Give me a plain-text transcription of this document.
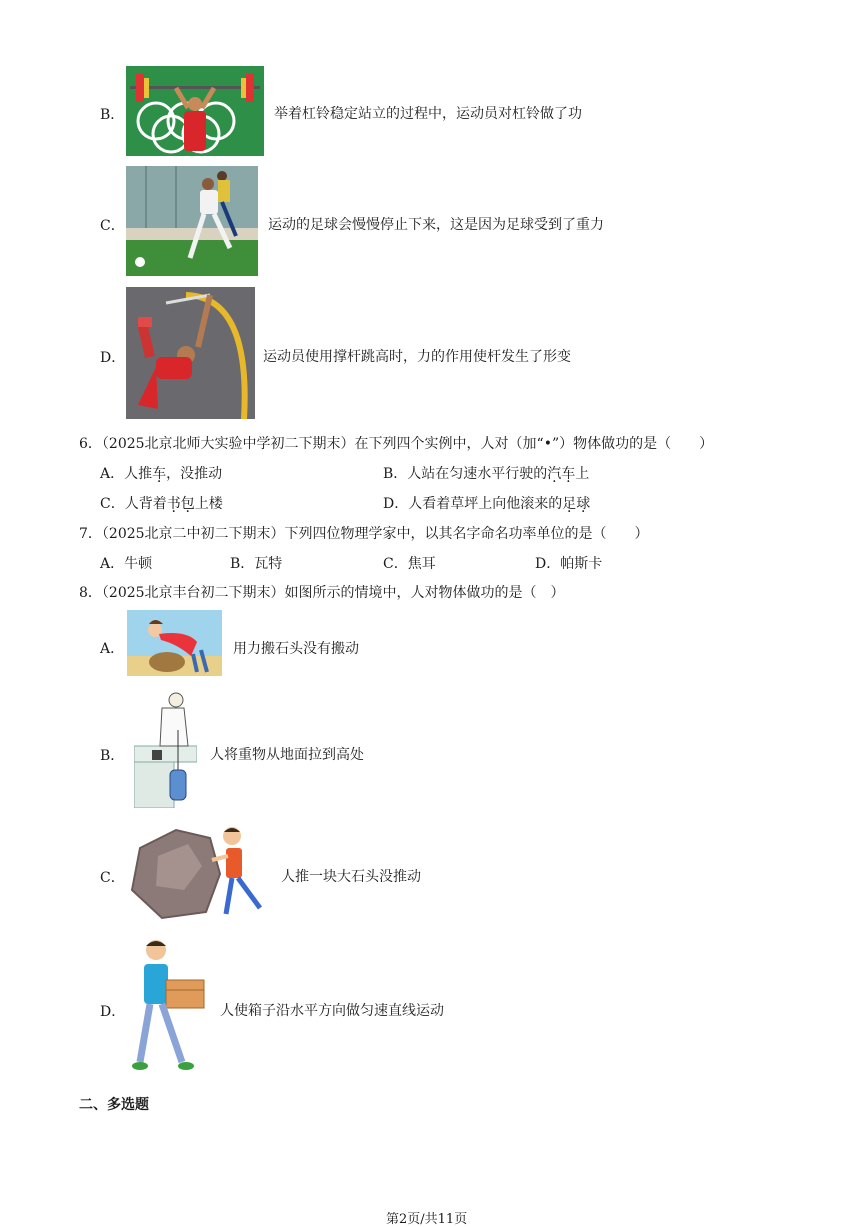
B．	举着杠铃稳定站立的过程中，运动员对杠铃做了功
C．	运动的足球会慢慢停止下来，这是因为足球受到了重力
D．	运动员使用撑杆跳高时，力的作用使杆发生了形变
6．（2025北京北师大实验中学初二下期末）在下列四个实例中，人对（加“•”）物体做功的是（　　）
A．人推车，没推动	B．人站在匀速水平行驶的汽车上
C．人背着书包上楼	D．人看着草坪上向他滚来的足球
7．（2025北京二中初二下期末）下列四位物理学家中，以其名字命名功率单位的是（　　）
A．牛顿	B．瓦特	C．焦耳	D．帕斯卡
8．（2025北京丰台初二下期末）如图所示的情境中，人对物体做功的是（　）
A．	用力搬石头没有搬动
B．	人将重物从地面拉到高处
C．	人推一块大石头没推动
D．	人使箱子沿水平方向做匀速直线运动
二、多选题
第2页/共11页
